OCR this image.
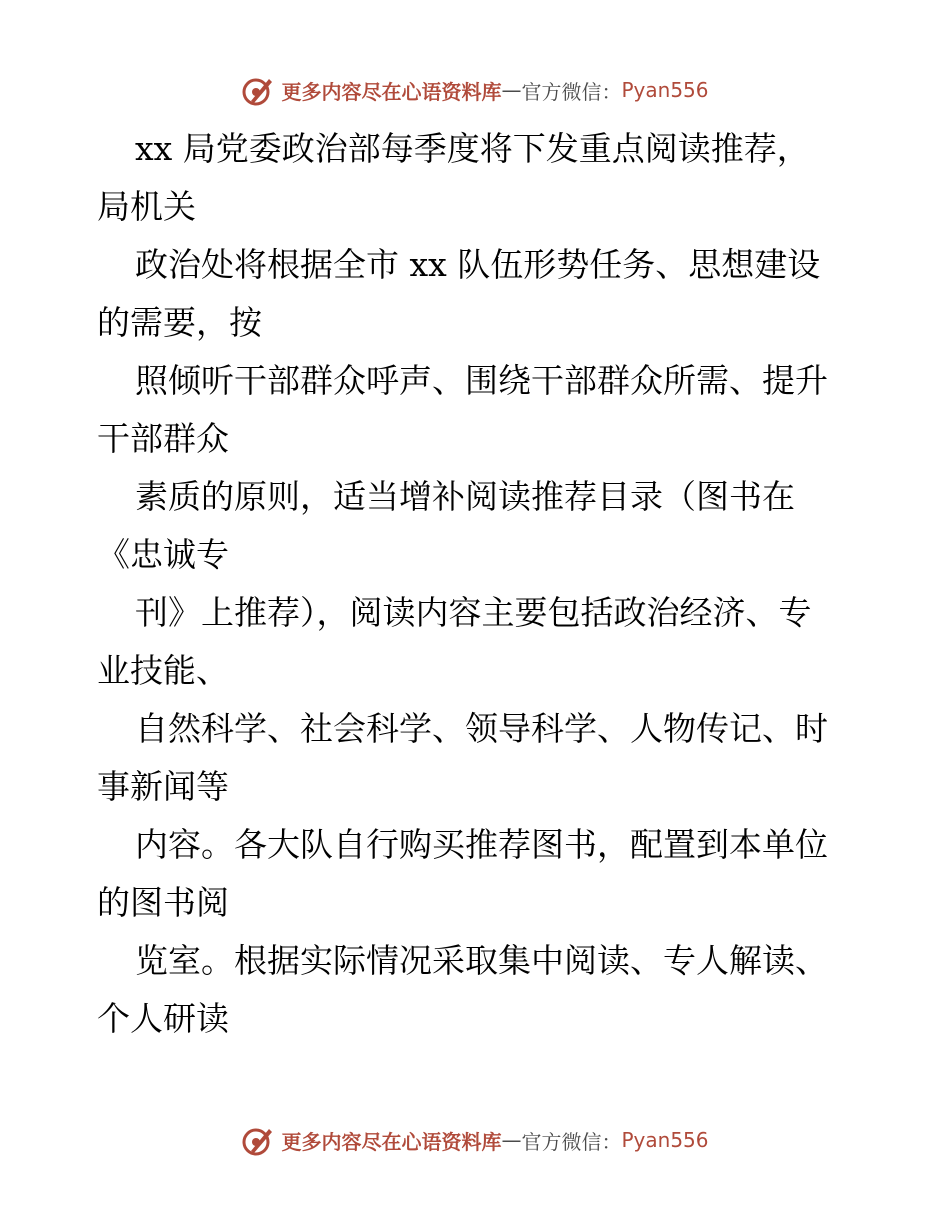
更多内容尽在心语资料库 — 官方微信： Pyan556
xx 局党委政治部每季度将下发重点阅读推荐，
局机关
政治处将根据全市 xx 队伍形势任务、思想建设
的需要，按
照倾听干部群众呼声、围绕干部群众所需、提升
干部群众
素质的原则，适当增补阅读推荐目录（图书在
《忠诚专
刊》上推荐），阅读内容主要包括政治经济、专
业技能、
自然科学、社会科学、领导科学、人物传记、时
事新闻等
内容。各大队自行购买推荐图书，配置到本单位
的图书阅
览室。根据实际情况采取集中阅读、专人解读、
个人研读
更多内容尽在心语资料库 — 官方微信： Pyan556
